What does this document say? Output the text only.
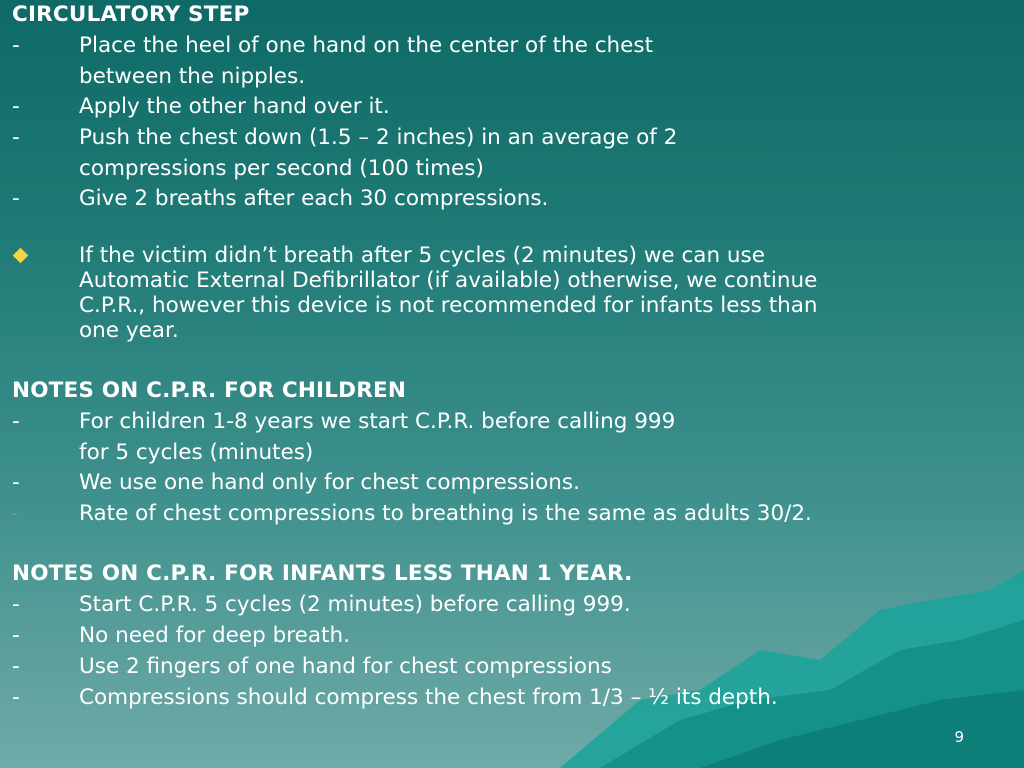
CIRCULATORY STEP
-	Place the heel of one hand on the center of the chest
between the nipples.
-	Apply the other hand over it.
-	Push the chest down (1.5 – 2 inches) in an average of 2
compressions per second (100 times)
-	Give 2 breaths after each 30 compressions.
If the victim didn’t breath after 5 cycles (2 minutes) we can use
Automatic External Defibrillator (if available) otherwise, we continue
C.P.R., however this device is not recommended for infants less than
one year.
NOTES ON C.P.R. FOR CHILDREN
-	For children 1-8 years we start C.P.R. before calling 999
for 5 cycles (minutes)
-	We use one hand only for chest compressions.
-	Rate of chest compressions to breathing is the same as adults 30/2.
NOTES ON C.P.R. FOR INFANTS LESS THAN 1 YEAR.
-	Start C.P.R. 5 cycles (2 minutes) before calling 999.
-	No need for deep breath.
-	Use 2 fingers of one hand for chest compressions
-	Compressions should compress the chest from 1/3 – ½ its depth.
9
